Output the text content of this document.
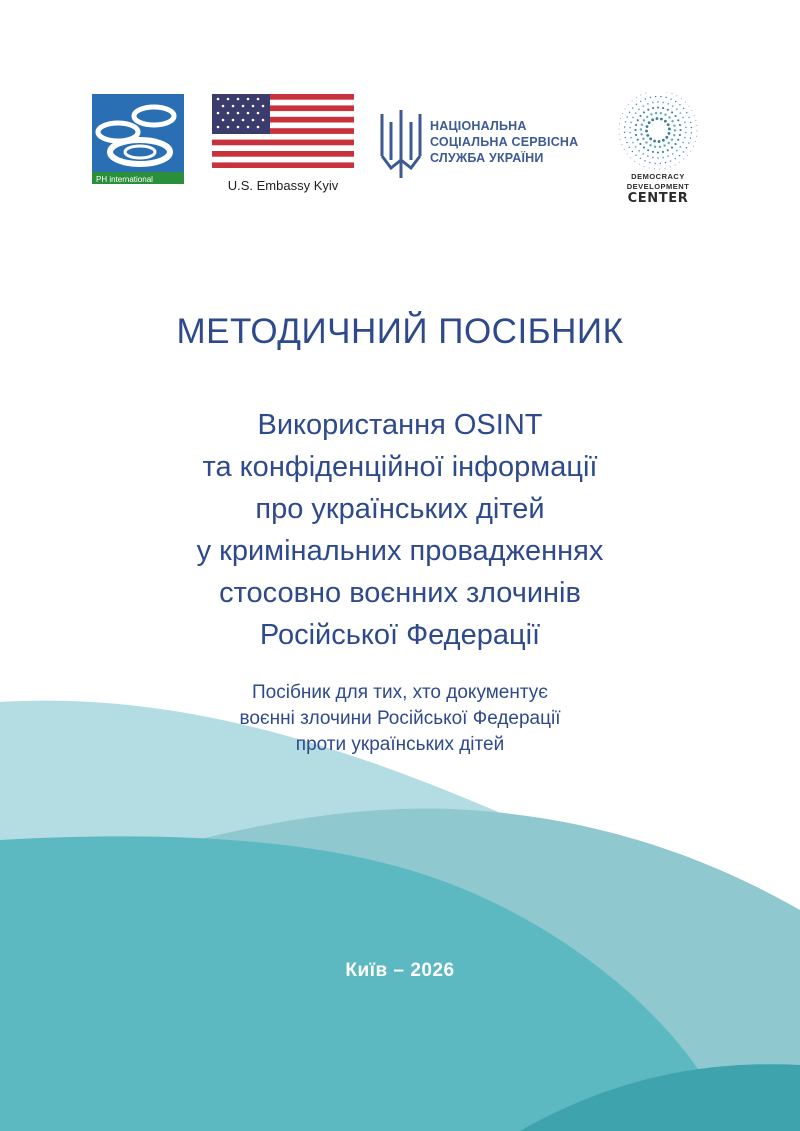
PH international	U.S. Embassy Kyiv
НАЦІОНАЛЬНА
СОЦІАЛЬНА СЕРВІСНА
СЛУЖБА УКРАЇНИ
DEMOCRACY
DEVELOPMENT
CENTER
МЕТОДИЧНИЙ ПОСІБНИК
Використання OSINT
та конфіденційної інформації
про українських дітей
у кримінальних провадженнях
стосовно воєнних злочинів
Російської Федерації
Посібник для тих, хто документує
воєнні злочини Російської Федерації
проти українських дітей
Київ – 2026
